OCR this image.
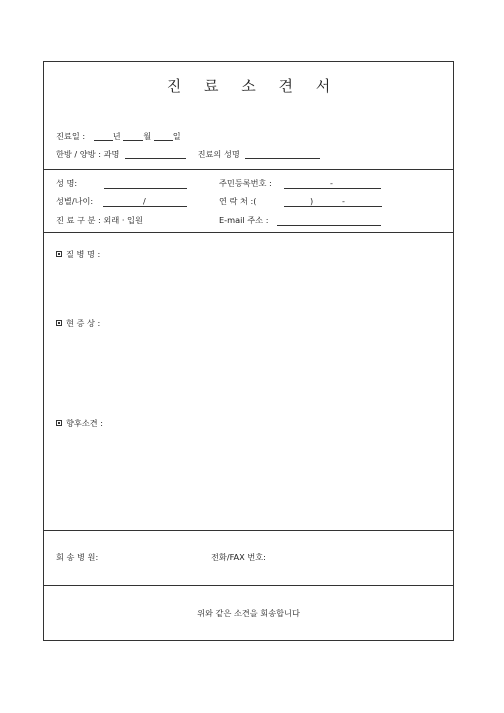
진 료 소 견 서
진료일 :	년	월	일
한방 / 양방 : 과명	진료의 성명
성 명:	주민등록번호 :	-
성별/나이:	/	연 락 처 :(	)	-
진 료 구 분 : 외래 · 입원	E-mail 주소 :
질 병 명 :
현 증 상 :
향후소견 :
회 송 병 원:	전화/FAX 번호:
위와 같은 소견을 회송합니다
